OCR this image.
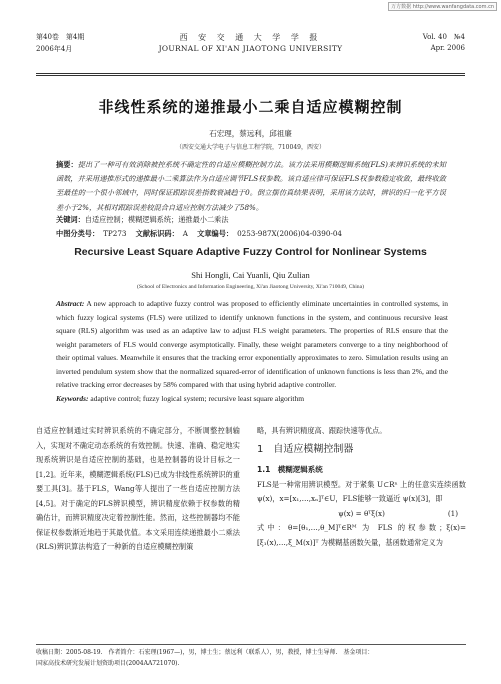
万方数据 http://www.wanfangdata.com.cn
第40卷　第4期
2006年4月
西 安 交 通 大 学 学 报
JOURNAL OF XI'AN JIAOTONG UNIVERSITY
Vol. 40　№4
Apr. 2006
非线性系统的递推最小二乘自适应模糊控制
石宏理，蔡远利，邱祖廉
（西安交通大学电子与信息工程学院，710049，西安）
摘要：提出了一种可有效消除被控系统不确定性的自适应模糊控制方法。该方法采用模糊逻辑系统(FLS)来辨识系统的未知函数，并采用递推形式的递推最小二乘算法作为自适应调节FLS权参数。该自适应律可保证FLS权参数稳定收敛，最终收敛至最佳的一个很小邻域中，同时保证跟踪误差指数衰减趋于0。倒立摆仿真结果表明，采用该方法时，辨识的归一化平方误差小于2%，其相对跟踪误差较混合自适应控制方法减少了58%。
关键词：自适应控制；模糊逻辑系统；递推最小二乘法
中图分类号： TP273 文献标识码： A 文章编号： 0253-987X(2006)04-0390-04
Recursive Least Square Adaptive Fuzzy Control for Nonlinear Systems
Shi Hongli, Cai Yuanli, Qiu Zulian
(School of Electronics and Information Engineering, Xi'an Jiaotong University, Xi'an 710049, China)
Abstract: A new approach to adaptive fuzzy control was proposed to efficiently eliminate uncertainties in controlled systems, in which fuzzy logical systems (FLS) were utilized to identify unknown functions in the system, and continuous recursive least square (RLS) algorithm was used as an adaptive law to adjust FLS weight parameters. The properties of RLS ensure that the weight parameters of FLS would converge asymptotically. Finally, these weight parameters converge to a tiny neighborhood of their optimal values. Meanwhile it ensures that the tracking error exponentially approximates to zero. Simulation results using an inverted pendulum system show that the normalized squared-error of identification of unknown functions is less than 2%, and the relative tracking error decreases by 58% compared with that using hybrid adaptive controller.
Keywords: adaptive control; fuzzy logical system; recursive least square algorithm
自适应控制通过实时辨识系统的不确定部分，不断调整控制输入，实现对不确定动态系统的有效控制。快速、准确、稳定地实现系统辨识是自适应控制的基础，也是控制器的设计目标之一[1,2]。近年来，模糊逻辑系统(FLS)已成为非线性系统辨识的重要工具[3]。基于FLS，Wang等人提出了一些自适应控制方法[4,5]。对于确定的FLS辨识模型，辨识精度依赖于权参数的精确估计，而辨识精度决定着控制性能。然而，这些控制器均不能保证权参数渐近地趋于其最优值。本文采用连续递推最小二乘法(RLS)辨识算法构造了一种新的自适应模糊控制策
略，具有辨识精度高、跟踪快速等优点。
1　自适应模糊控制器
1.1　模糊逻辑系统
FLS是一种常用辨识模型。对于紧集 U⊂Rⁿ 上的任意实连续函数 ψ(x)，x=[x₁,…,xₙ]ᵀ∈U，FLS能够一致逼近 ψ(x)[3]，即
ψ(x) = θᵀξ(x)	(1)
式中：θ=[θ₁,…,θ_M]ᵀ∈Rᴹ 为 FLS 的权参数；ξ(x)=[ξ₁(x),…,ξ_M(x)]ᵀ 为模糊基函数矢量，基函数通常定义为
收稿日期：2005-08-19.　作者简介：石宏理(1967—)，男，博士生；蔡远利（联系人），男，教授，博士生导师.　基金项目：
国家高技术研究发展计划资助项目(2004AA721070).
